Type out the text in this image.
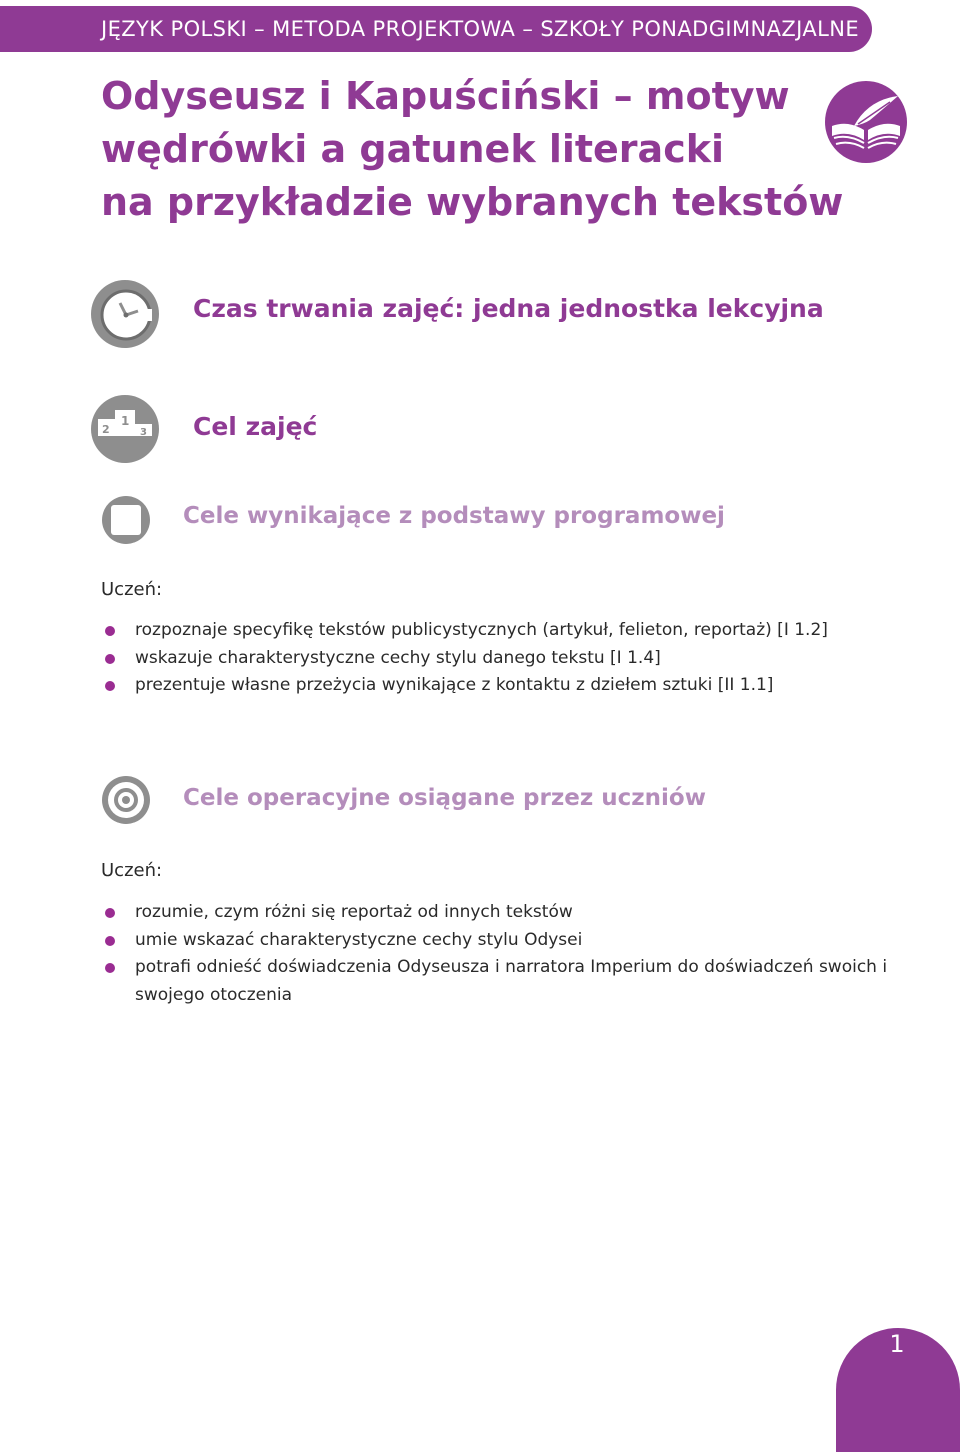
JĘZYK POLSKI – METODA PROJEKTOWA – SZKOŁY PONADGIMNAZJALNE
Odyseusz i Kapuściński – motyw
wędrówki a gatunek literacki
na przykładzie wybranych tekstów
Czas trwania zajęć: jedna jednostka lekcyjna
1
2	3 Cel zajęć
Cele wynikające z podstawy programowej
Uczeń:
rozpoznaje specyfikę tekstów publicystycznych (artykuł, felieton, reportaż) [I 1.2]
wskazuje charakterystyczne cechy stylu danego tekstu [I 1.4]
prezentuje własne przeżycia wynikające z kontaktu z dziełem sztuki [II 1.1]
Cele operacyjne osiągane przez uczniów
Uczeń:
rozumie, czym różni się reportaż od innych tekstów
umie wskazać charakterystyczne cechy stylu Odysei
potrafi odnieść doświadczenia Odyseusza i narratora Imperium do doświadczeń swoich i swojego otoczenia
1
